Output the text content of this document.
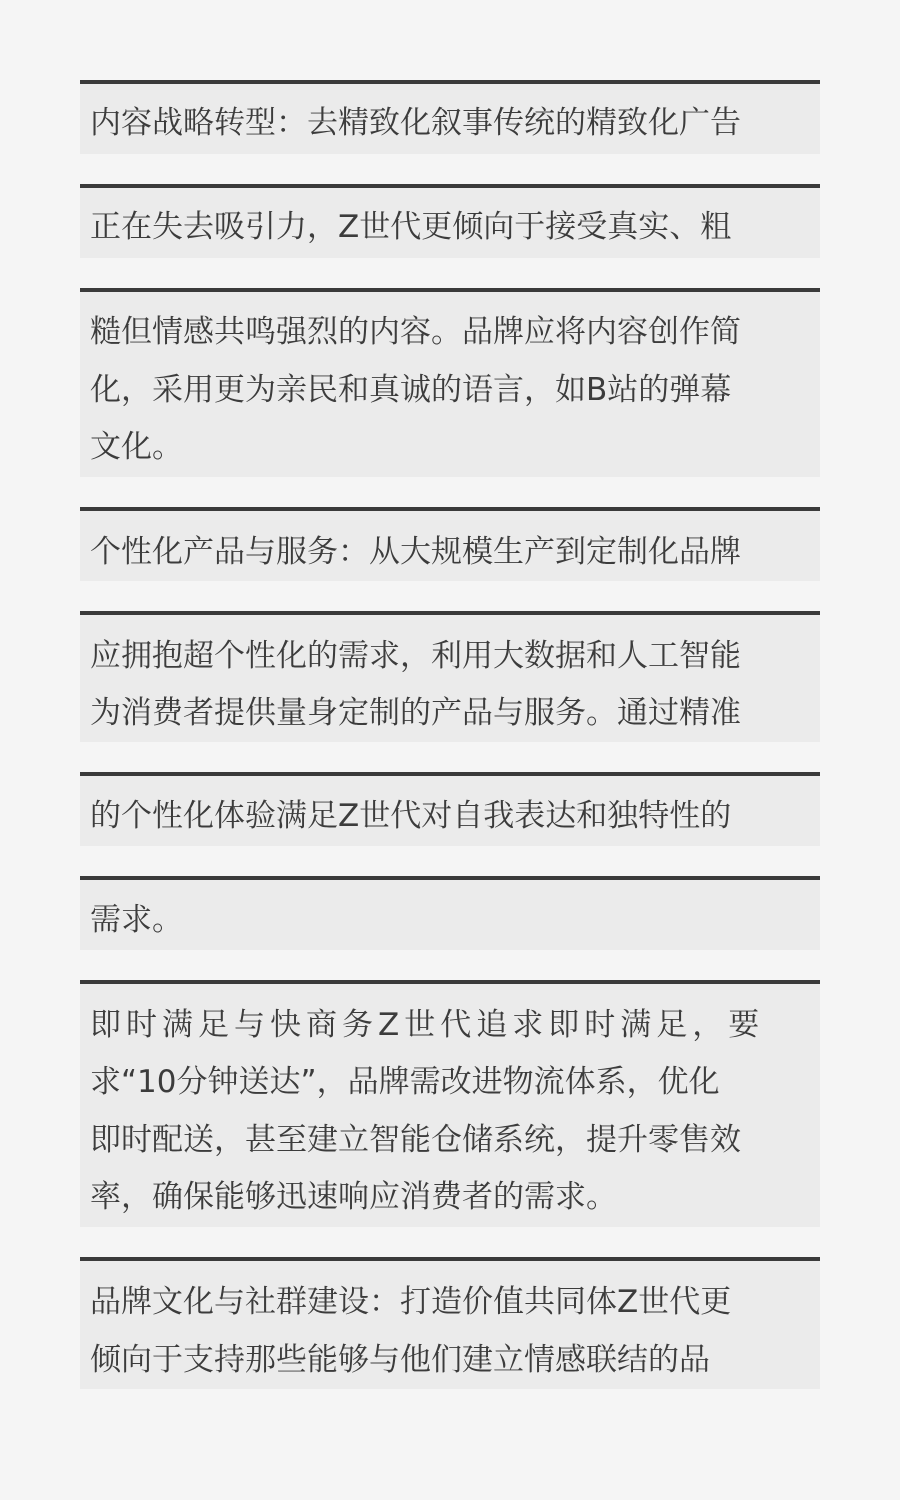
内容战略转型：去精致化叙事传统的精致化广告
正在失去吸引力，Z世代更倾向于接受真实、粗
糙但情感共鸣强烈的内容。品牌应将内容创作简
化，采用更为亲民和真诚的语言，如B站的弹幕
文化。
个性化产品与服务：从大规模生产到定制化品牌
应拥抱超个性化的需求，利用大数据和人工智能
为消费者提供量身定制的产品与服务。通过精准
的个性化体验满足Z世代对自我表达和独特性的
需求。
即时满足与快商务Z世代追求即时满足，要
求“10分钟送达”，品牌需改进物流体系，优化
即时配送，甚至建立智能仓储系统，提升零售效
率，确保能够迅速响应消费者的需求。
品牌文化与社群建设：打造价值共同体Z世代更
倾向于支持那些能够与他们建立情感联结的品
